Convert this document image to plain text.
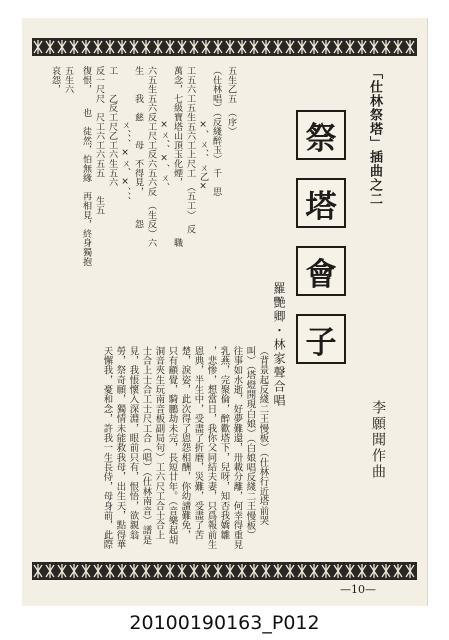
「仕林祭塔」插曲之二
祭
塔
會
子
羅艷卿・林家聲合唱
李願聞作曲
（背景起反綫二王慢板）（仕林行近塔前哭
叫）（塔燈開現白娘）（白娘唱反綫二王慢板）
往事如水逝，好夢難還，卅載分離，何幸得重見
乳燕，完聚倫，醉歡塔下，兒呀，知否我嬌雛
，悲惨，想當日，我你父同結夫妻，只爲報前生
恩典，半生中，受盡了折磨，災難，受盡了苦
楚，淚姿，此次得了恩怨相酬，你幼讀難免，
只有顧覺，騎鵬劫未完，長短廿年。（音樂起胡
洞音夾生玩南音板副局句）工六尺工合士合上
士合上士合工士尺工合（唱）（仕林南音）譜是
見，我悵懷入深淵，眼前只有，恨悟，欲親翁
勞，祭奇願，獨情未能救我母，出生天，點得華
天懈我，憂和念，許我一生長侍，母身前，此際
五生乙五　（序）
（仕林唱）（反綫醉玉）　千　思
×、ㄨ、、ㄨ乙×
工五六工五生五六工上尺工　（五工）　反
萬念，七級寶塔山頂玉化煙，　　　　　　職
×ㄨ、、×、ㄨ、
六五生五六反工尺工反六五六反　（生反）六
生　　我　慈　　母　不得見，　　　怨
ㄨ、、、×ㄨ、×、、、
工　　乙反工尺乙工六生五六
反一尺尺　尺工六工六五五　　生五
復恨，　　也　徒然，怕無緣　再相見，終身獨抱
五生六
哀怨，
—10—
20100190163_P012
